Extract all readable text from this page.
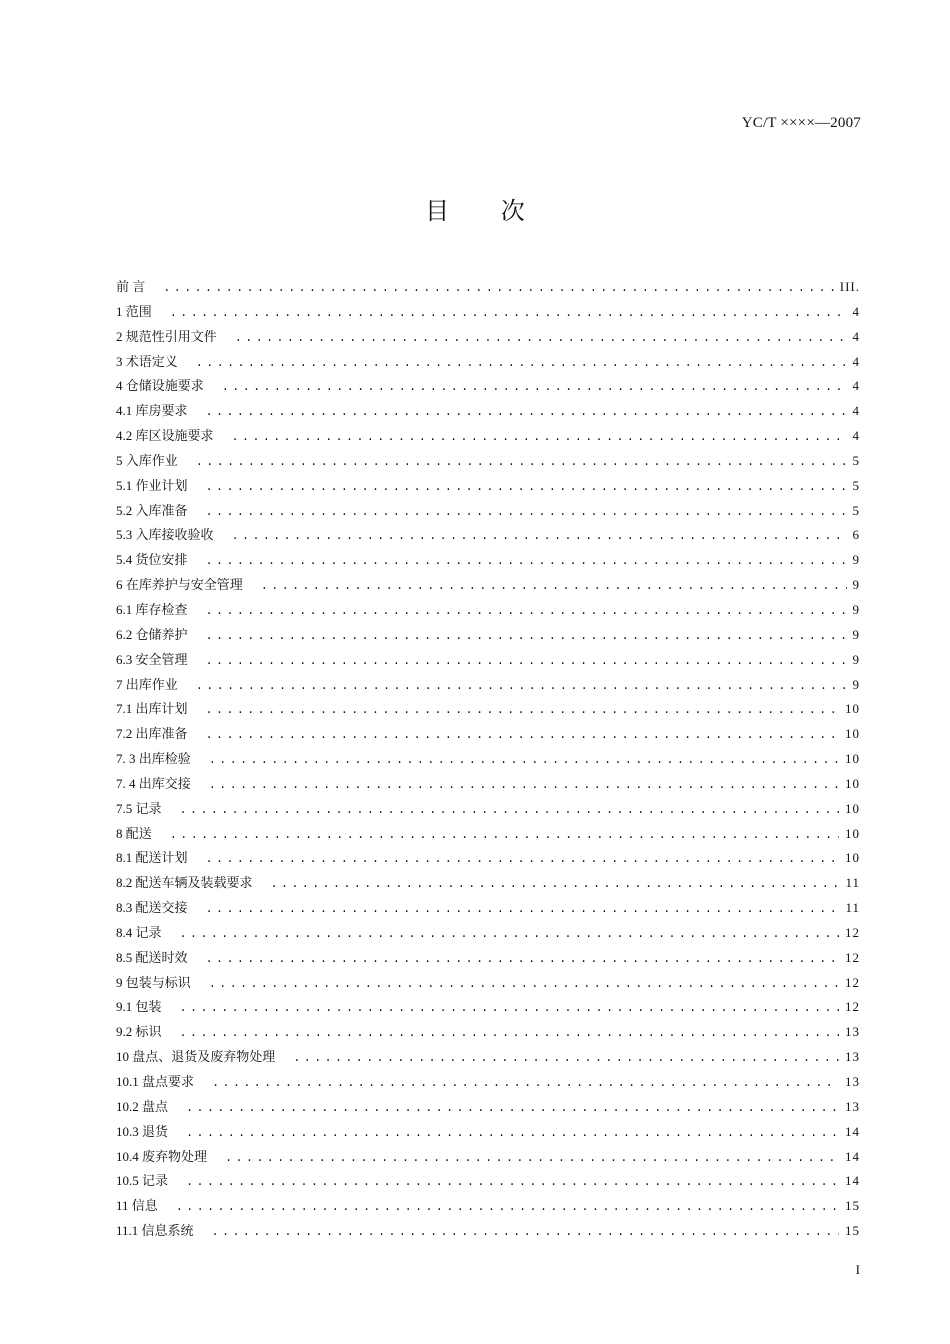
YC/T ××××—2007
目 次
前 言 .....	III.
1 范围 .....	4
2 规范性引用文件 .....	4
3 术语定义 .....	4
4 仓储设施要求 .....	4
4.1 库房要求 .....	4
4.2 库区设施要求 .....	4
5 入库作业 .....	5
5.1 作业计划 .....	5
5.2 入库准备 .....	5
5.3 入库接收验收 .....	6
5.4 货位安排 .....	9
6 在库养护与安全管理 .....	9
6.1 库存检查 .....	9
6.2 仓储养护 .....	9
6.3 安全管理 .....	9
7 出库作业 .....	9
7.1 出库计划 .....	10
7.2 出库准备 .....	10
7. 3 出库检验 .....	10
7. 4 出库交接 .....	10
7.5 记录 .....	10
8 配送 .....	10
8.1 配送计划 .....	10
8.2 配送车辆及装载要求 .....	11
8.3 配送交接 .....	11
8.4 记录 .....	12
8.5 配送时效 .....	12
9 包装与标识 .....	12
9.1 包装 .....	12
9.2 标识 .....	13
10 盘点、退货及废弃物处理 .....	13
10.1 盘点要求 .....	13
10.2 盘点 .....	13
10.3 退货 .....	14
10.4 废弃物处理 .....	14
10.5 记录 .....	14
11 信息 .....	15
11.1 信息系统 .....	15
I
